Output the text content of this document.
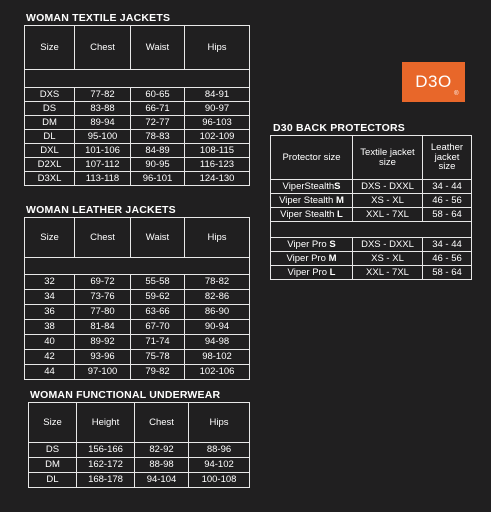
WOMAN TEXTILE JACKETS
Size	Chest	Waist	Hips

DXS	77-82	60-65	84-91
DS	83-88	66-71	90-97
DM	89-94	72-77	96-103
DL	95-100	78-83	102-109
DXL	101-106	84-89	108-115
D2XL	107-112	90-95	116-123
D3XL	113-118	96-101	124-130
WOMAN LEATHER JACKETS
Size	Chest	Waist	Hips

32	69-72	55-58	78-82
34	73-76	59-62	82-86
36	77-80	63-66	86-90
38	81-84	67-70	90-94
40	89-92	71-74	94-98
42	93-96	75-78	98-102
44	97-100	79-82	102-106
WOMAN FUNCTIONAL UNDERWEAR
Size	Height	Chest	Hips
DS	156-166	82-92	88-96
DM	162-172	88-98	94-102
DL	168-178	94-104	100-108
D3O
®
D30 BACK PROTECTORS
Protector size	Textile jacket size	Leather jacket size
ViperStealthS	DXS - DXXL	34 - 44
Viper Stealth M	XS - XL	46 - 56
Viper Stealth L	XXL - 7XL	58 - 64

Viper Pro S	DXS - DXXL	34 - 44
Viper Pro M	XS - XL	46 - 56
Viper Pro L	XXL - 7XL	58 - 64
